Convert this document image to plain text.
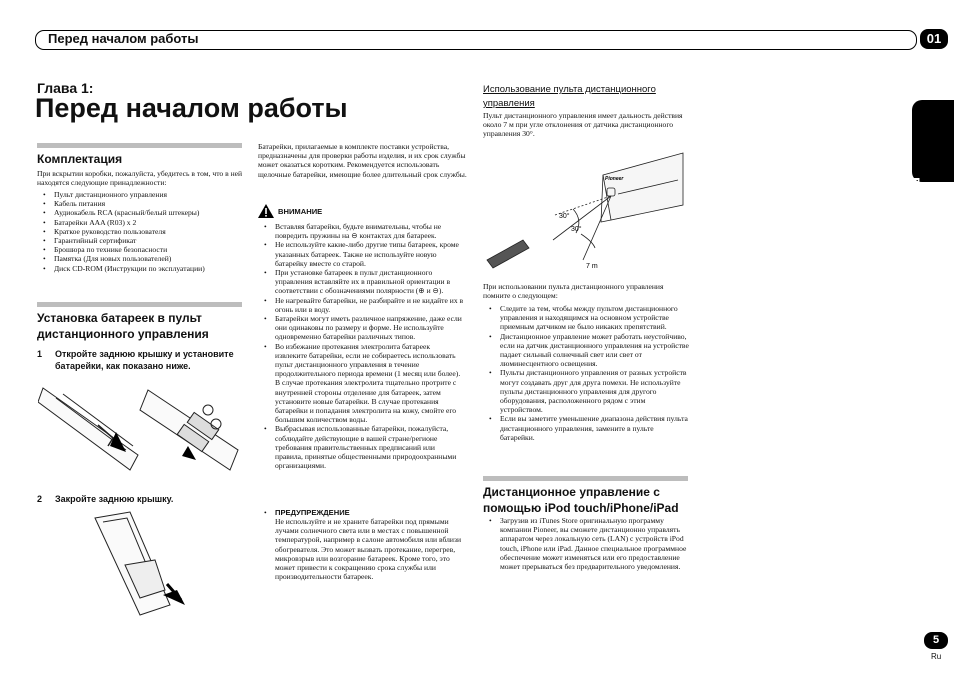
Перед началом работы	01
Русский
Глава 1:
Перед началом работы
Комплектация
При вскрытии коробки, пожалуйста, убедитесь в том, что в ней находятся следующие принадлежности:
• Пульт дистанционного управления
• Кабель питания
• Аудиокабель RCA (красный/белый штекеры)
• Батарейки AAA (R03) x 2
• Краткое руководство пользователя
• Гарантийный сертификат
• Брошюра по технике безопасности
• Памятка (Для новых пользователей)
• Диск CD-ROM (Инструкции по эксплуатации)
Установка батареек в пульт дистанционного управления
1 Откройте заднюю крышку и установите батарейки, как показано ниже.
2 Закройте заднюю крышку.
Батарейки, прилагаемые в комплекте поставки устройства, предназначены для проверки работы изделия, и их срок службы может оказаться коротким. Рекомендуется использовать щелочные батарейки, имеющие более длительный срок службы.
ВНИМАНИЕ
• Вставляя батарейки, будьте внимательны, чтобы не повредить пружины на ⊖ контактах для батареек.
• Не используйте какие-либо другие типы батареек, кроме указанных батареек. Также не используйте новую батарейку вместе со старой.
• При установке батареек в пульт дистанционного управления вставляйте их в правильной ориентации в соответствии с обозначениями полярности (⊕ и ⊖).
• Не нагревайте батарейки, не разбирайте и не кидайте их в огонь или в воду.
• Батарейки могут иметь различное напряжение, даже если они одинаковы по размеру и форме. Не используйте одновременно батарейки различных типов.
• Во избежание протекания электролита батареек извлеките батарейки, если не собираетесь использовать пульт дистанционного управления в течение продолжительного периода времени (1 месяц или более). В случае протекания электролита тщательно протрите с внутренней стороны отделение для батареек, затем установите новые батарейки. В случае протекания батарейки и попадания электролита на кожу, смойте его большим количеством воды.
• Выбрасывая использованные батарейки, пожалуйста, соблюдайте действующие в вашей стране/регионе требования правительственных предписаний или правила, принятые общественными природоохранными организациями.
• ПРЕДУПРЕЖДЕНИЕ
Не используйте и не храните батарейки под прямыми лучами солнечного света или в местах с повышенной температурой, например в салоне автомобиля или вблизи обогревателя. Это может вызвать протекание, перегрев, микровзрыв или возгорание батареек. Кроме того, это может привести к сокращению срока службы или производительности батареек.
Использование пульта дистанционного управления
Пульт дистанционного управления имеет дальность действия около 7 м при угле отклонения от датчика дистанционного управления 30°.
Pioneer
30°
30°
7 m
При использовании пульта дистанционного управления помните о следующем:
• Следите за тем, чтобы между пультом дистанционного управления и находящимся на основном устройстве приемным датчиком не было никаких препятствий.
• Дистанционное управление может работать неустойчиво, если на датчик дистанционного управления на устройстве падает сильный солнечный свет или свет от люминесцентного освещения.
• Пульты дистанционного управления от разных устройств могут создавать друг для друга помехи. Не используйте пульты дистанционного управления для другого оборудования, расположенного рядом с этим устройством.
• Если вы заметите уменьшение диапазона действия пульта дистанционного управления, замените в пульте батарейки.
Дистанционное управление с помощью iPod touch/iPhone/iPad
• Загрузив из iTunes Store оригинальную программу компании Pioneer, вы сможете дистанционно управлять аппаратом через локальную сеть (LAN) с устройств iPod touch, iPhone или iPad. Данное специальное программное обеспечение может изменяться или его предоставление может прерываться без предварительного уведомления.
5
Ru
